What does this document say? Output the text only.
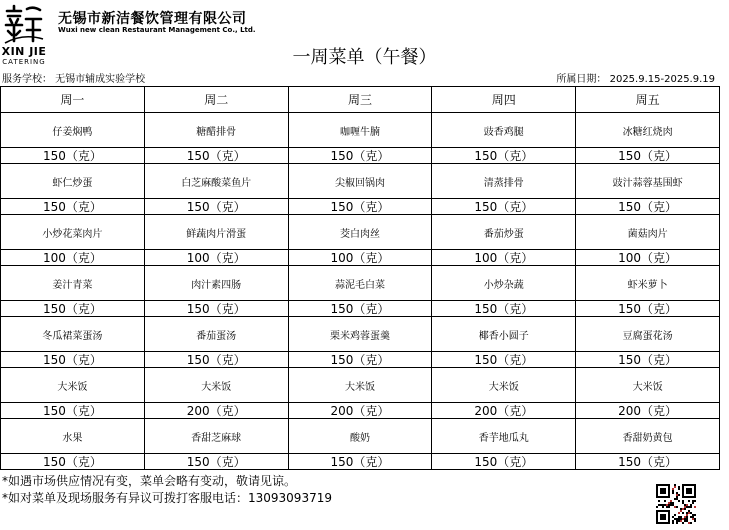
XIN JIE
CATERING
无锡市新洁餐饮管理有限公司
Wuxi new clean Restaurant Management Co., Ltd.
一周菜单（午餐）
服务学校： 无锡市辅成实验学校	所属日期： 2025.9.15-2025.9.19
周一	周二	周三	周四	周五
仔姜焖鸭	糖醋排骨	咖喱牛腩	豉香鸡腿	冰糖红烧肉
150（克）	150（克）	150（克）	150（克）	150（克）
虾仁炒蛋	白芝麻酸菜鱼片	尖椒回锅肉	清蒸排骨	豉汁蒜蓉基围虾
150（克）	150（克）	150（克）	150（克）	150（克）
小炒花菜肉片	鲜蔬肉片滑蛋	茭白肉丝	番茄炒蛋	菌菇肉片
100（克）	100（克）	100（克）	100（克）	100（克）
姜汁青菜	肉汁素四肠	蒜泥毛白菜	小炒杂蔬	虾米萝卜
150（克）	150（克）	150（克）	150（克）	150（克）
冬瓜裙菜蛋汤	番茄蛋汤	栗米鸡蓉蛋羹	椰香小圆子	豆腐蛋花汤
150（克）	150（克）	150（克）	150（克）	150（克）
大米饭	大米饭	大米饭	大米饭	大米饭
150（克）	200（克）	200（克）	200（克）	200（克）
水果	香甜芝麻球	酸奶	香芋地瓜丸	香甜奶黄包
150（克）	150（克）	150（克）	150（克）	150（克）
*如遇市场供应情况有变，菜单会略有变动，敬请见谅。
*如对菜单及现场服务有异议可拨打客服电话：13093093719
